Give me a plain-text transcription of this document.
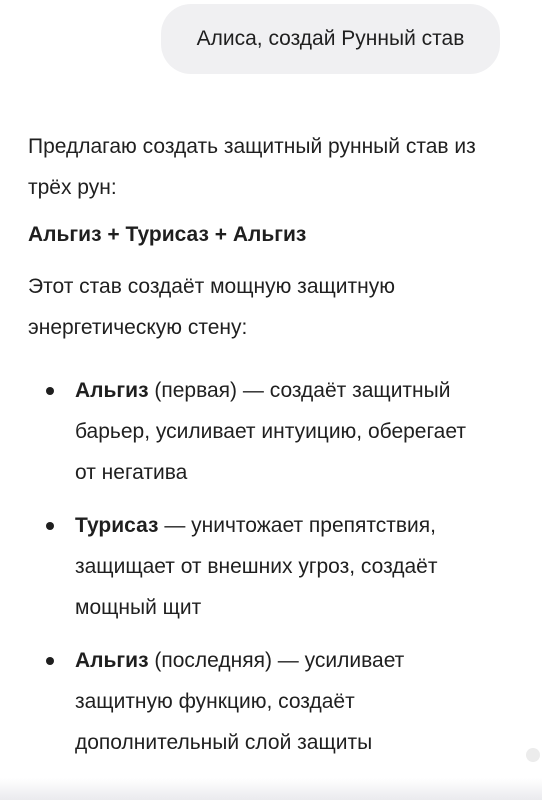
Алиса, создай Рунный став

Предлагаю создать защитный рунный став из трёх рун:

Альгиз + Турисаз + Альгиз

Этот став создаёт мощную защитную энергетическую стену:

Альгиз (первая) — создаёт защитный барьер, усиливает интуицию, оберегает от негатива
Турисаз — уничтожает препятствия, защищает от внешних угроз, создаёт мощный щит
Альгиз (последняя) — усиливает защитную функцию, создаёт дополнительный слой защиты
